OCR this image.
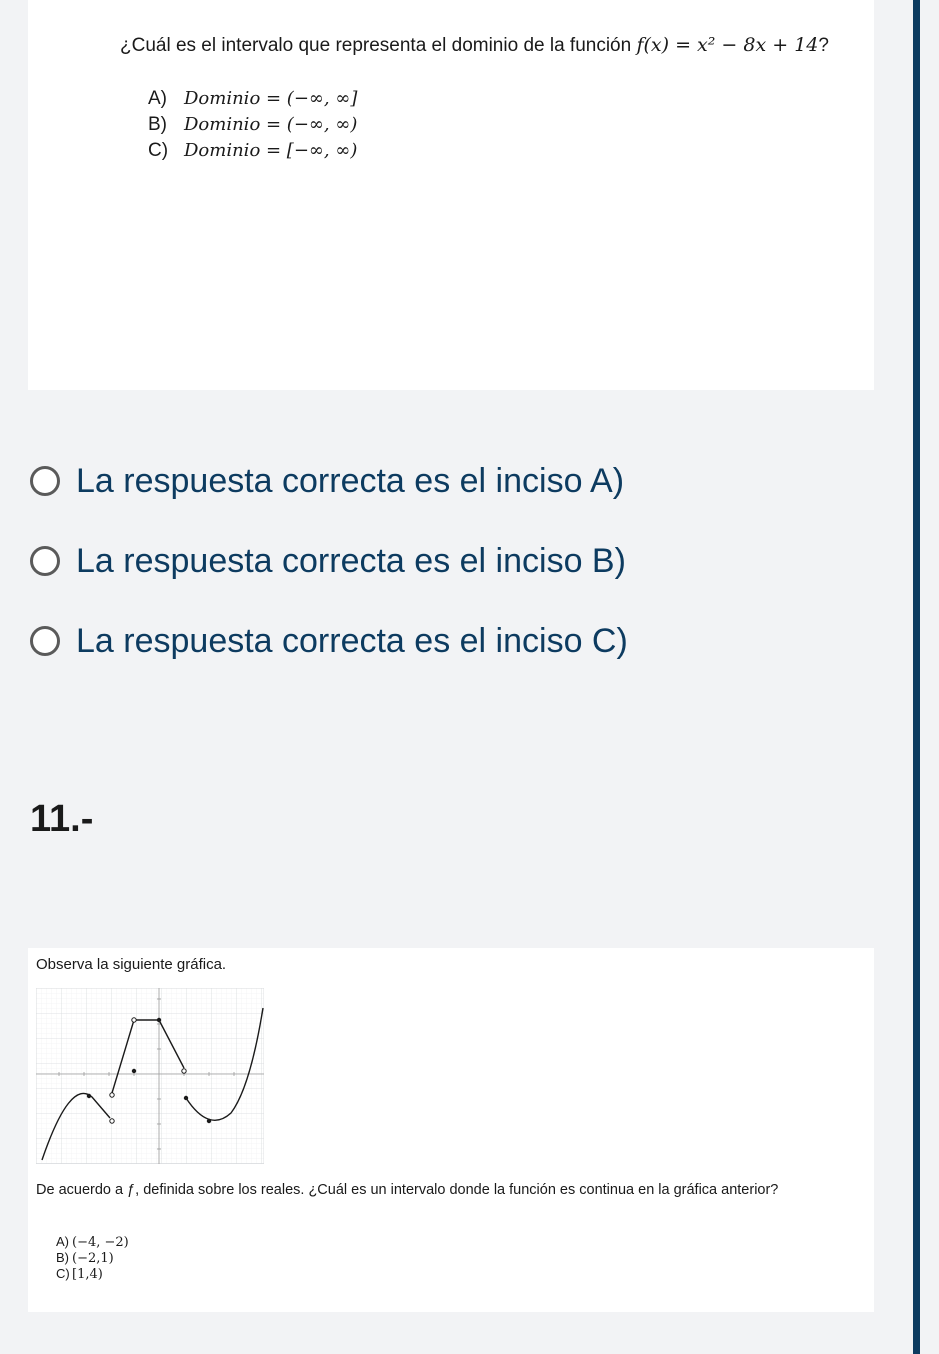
¿Cuál es el intervalo que representa el dominio de la función f(x) = x² − 8x + 14?
A) Dominio = (−∞, ∞]
B) Dominio = (−∞, ∞)
C) Dominio = [−∞, ∞)
La respuesta correcta es el inciso A)
La respuesta correcta es el inciso B)
La respuesta correcta es el inciso C)
11.-
Observa la siguiente gráfica.
De acuerdo a ƒ, definida sobre los reales. ¿Cuál es un intervalo donde la función es continua en la gráfica anterior?
A) (−4, −2)
B) (−2,1)
C) [1,4)
